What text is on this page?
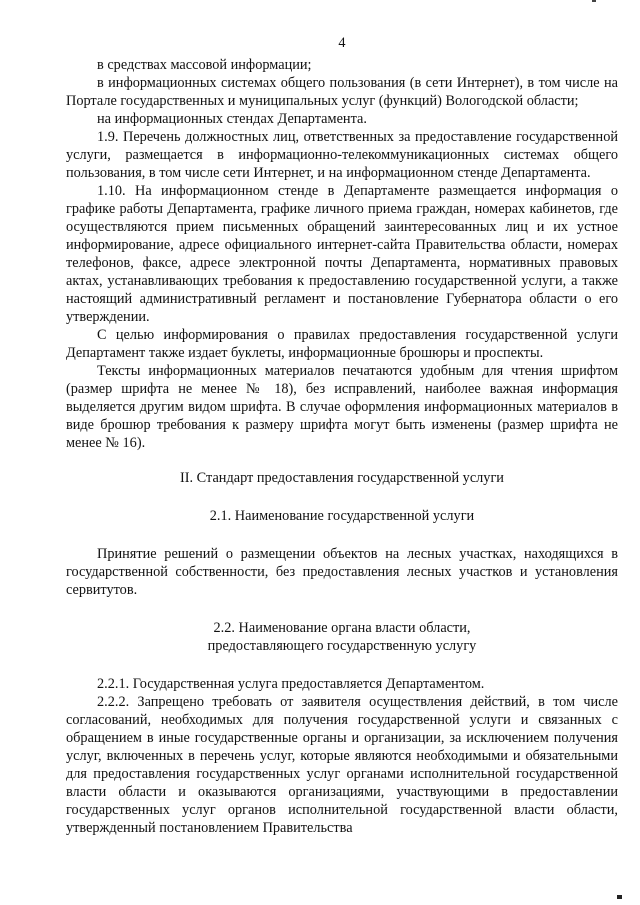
4

в средствах массовой информации;

в информационных системах общего пользования (в сети Интернет), в том числе на Портале государственных и муниципальных услуг (функций) Вологодской области;

на информационных стендах Департамента.

1.9. Перечень должностных лиц, ответственных за предоставление государственной услуги, размещается в информационно-телекоммуникационных системах общего пользования, в том числе сети Интернет, и на информационном стенде Департамента.

1.10. На информационном стенде в Департаменте размещается информация о графике работы Департамента, графике личного приема граждан, номерах кабинетов, где осуществляются прием письменных обращений заинтересованных лиц и их устное информирование, адресе официального интернет-сайта Правительства области, номерах телефонов, факсе, адресе электронной почты Департамента, нормативных правовых актах, устанавливающих требования к предоставлению государственной услуги, а также настоящий административный регламент и постановление Губернатора области о его утверждении.

С целью информирования о правилах предоставления государственной услуги Департамент также издает буклеты, информационные брошюры и проспекты.

Тексты информационных материалов печатаются удобным для чтения шрифтом (размер шрифта не менее № 18), без исправлений, наиболее важная информация выделяется другим видом шрифта. В случае оформления информационных материалов в виде брошюр требования к размеру шрифта могут быть изменены (размер шрифта не менее № 16).

II. Стандарт предоставления государственной услуги

2.1. Наименование государственной услуги

Принятие решений о размещении объектов на лесных участках, находящихся в государственной собственности, без предоставления лесных участков и установления сервитутов.

2.2. Наименование органа власти области,

предоставляющего государственную услугу

2.2.1. Государственная услуга предоставляется Департаментом.

2.2.2. Запрещено требовать от заявителя осуществления действий, в том числе согласований, необходимых для получения государственной услуги и связанных с обращением в иные государственные органы и организации, за исключением получения услуг, включенных в перечень услуг, которые являются необходимыми и обязательными для предоставления государственных услуг органами исполнительной государственной власти области и оказываются организациями, участвующими в предоставлении государственных услуг органов исполнительной государственной власти области, утвержденный постановлением Правительства
